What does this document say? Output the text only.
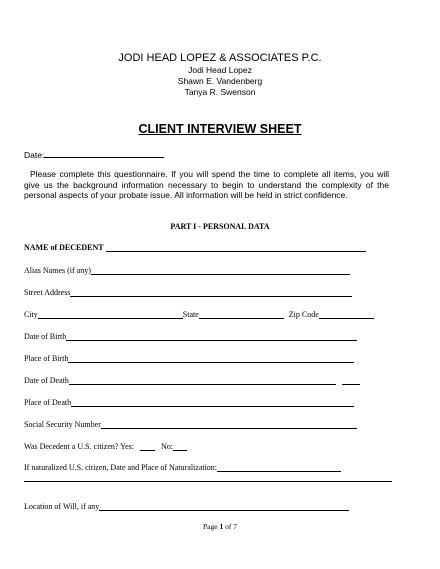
JODI HEAD LOPEZ & ASSOCIATES P.C.
Jodi Head Lopez
Shawn E. Vandenberg
Tanya R. Swenson
CLIENT INTERVIEW SHEET
Date:
Please complete this questionnaire. If you will spend the time to complete all items, you will give us the background information necessary to begin to understand the complexity of the personal aspects of your probate issue. All information will be held in strict confidence.
PART I - PERSONAL DATA
NAME of DECEDENT
Alias Names (if any)
Street Address
City	State	Zip Code
Date of Birth
Place of Birth
Date of Death
Place of Death
Social Security Number
Was Decedent a U.S. citizen? Yes:	No:
If naturalized U.S. citizen, Date and Place of Naturalization:
Location of Will, if any
Page 1 of 7
